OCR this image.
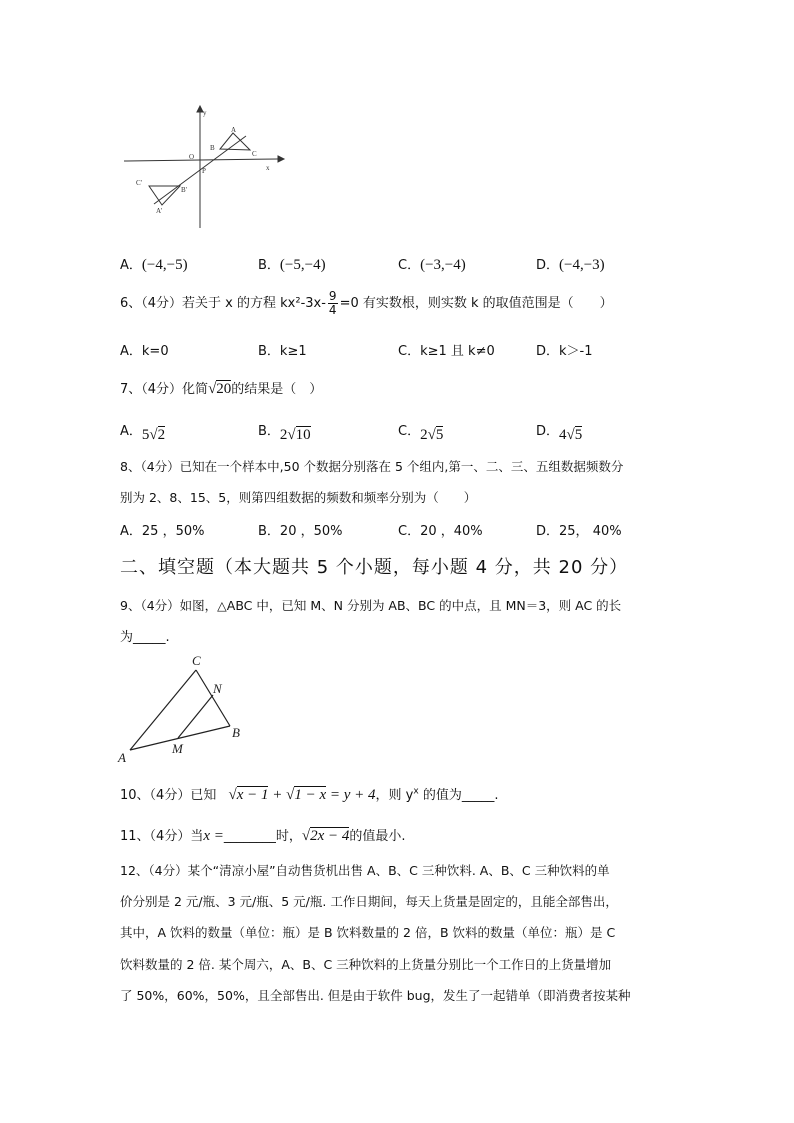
y
x
O
P
A
B
C
A'
B'
C'
A．(−4,−5)	B．(−5,−4)	C．(−3,−4)	D．(−4,−3)
6、（4分）若关于 x 的方程 $kx^2-3x- \frac{9}{4} =0$ 有实数根，则实数 k 的取值范围是（　　）
A．k=0	B．k≥1	C．k≥1 且 k≠0	D．k＞-1
7、（4分）化简√20的结果是（　）
A．5√2	B．2√10	C．2√5	D．4√5
8、（4分）已知在一个样本中,50 个数据分别落在 5 个组内,第一、二、三、五组数据频数分
别为 2、8、15、5，则第四组数据的频数和频率分别为（　　）
A．25 ，50%	B．20 ，50%	C．20 ，40%	D．25， 40%
二、填空题（本大题共 5 个小题，每小题 4 分，共 20 分）
9、（4分）如图，△ABC 中，已知 M、N 分别为 AB、BC 的中点，且 MN＝3，则 AC 的长
为_____.
C
N
B
M
A
10、（4分）已知 √x − 1 + √1 − x = y + 4，则 $y^x$ 的值为_____.
11、（4分）当x =________时，√2x − 4的值最小.
12、（4分）某个“清凉小屋”自动售货机出售 A、B、C 三种饮料. A、B、C 三种饮料的单
价分别是 2 元/瓶、3 元/瓶、5 元/瓶. 工作日期间，每天上货量是固定的，且能全部售出，
其中，A 饮料的数量（单位：瓶）是 B 饮料数量的 2 倍，B 饮料的数量（单位：瓶）是 C
饮料数量的 2 倍. 某个周六，A、B、C 三种饮料的上货量分别比一个工作日的上货量增加
了 50%，60%，50%，且全部售出. 但是由于软件 bug，发生了一起错单（即消费者按某种
